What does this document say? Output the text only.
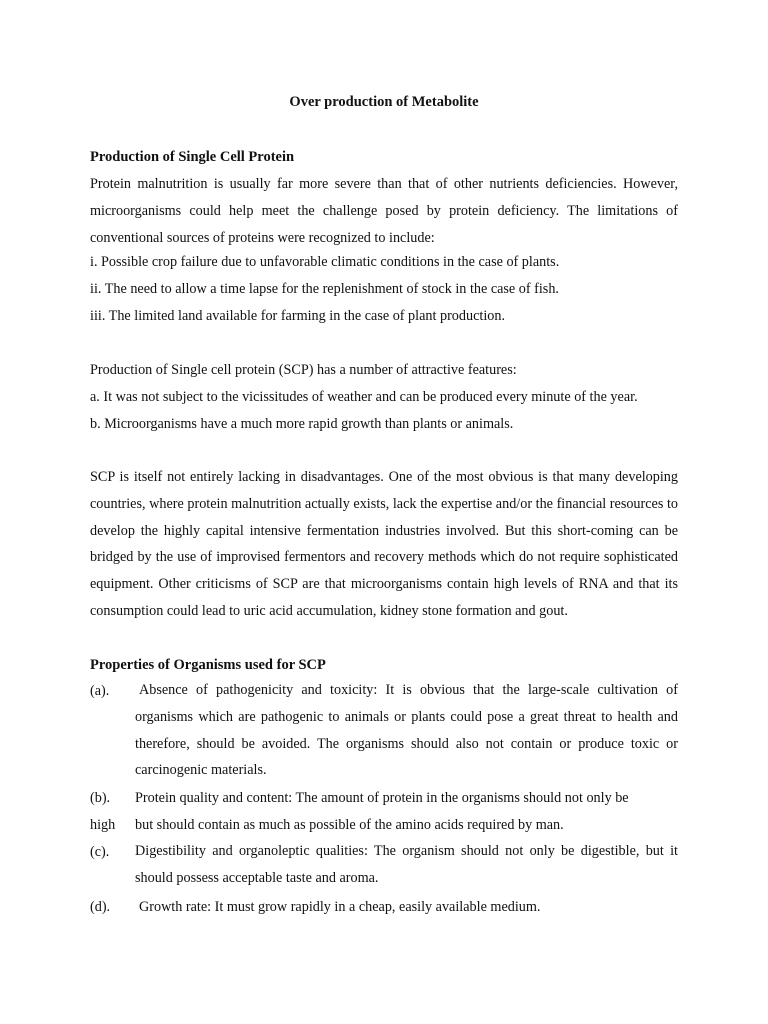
Over production of Metabolite
Production of Single Cell Protein

Protein malnutrition is usually far more severe than that of other nutrients deficiencies. However, microorganisms could help meet the challenge posed by protein deficiency. The limitations of conventional sources of proteins were recognized to include:

i. Possible crop failure due to unfavorable climatic conditions in the case of plants.
ii. The need to allow a time lapse for the replenishment of stock in the case of fish.
iii. The limited land available for farming in the case of plant production.
Production of Single cell protein (SCP) has a number of attractive features:
a. It was not subject to the vicissitudes of weather and can be produced every minute of the year.
b. Microorganisms have a much more rapid growth than plants or animals.

SCP is itself not entirely lacking in disadvantages. One of the most obvious is that many developing countries, where protein malnutrition actually exists, lack the expertise and/or the financial resources to develop the highly capital intensive fermentation industries involved. But this short-coming can be bridged by the use of improvised fermentors and recovery methods which do not require sophisticated equipment. Other criticisms of SCP are that microorganisms contain high levels of RNA and that its consumption could lead to uric acid accumulation, kidney stone formation and gout.

Properties of Organisms used for SCP
(a). Absence of pathogenicity and toxicity: It is obvious that the large-scale cultivation of organisms which are pathogenic to animals or plants could pose a great threat to health and therefore, should be avoided. The organisms should also not contain or produce toxic or carcinogenic materials.

(b). Protein quality and content: The amount of protein in the organisms should not only be
high but should contain as much as possible of the amino acids required by man.
(c). Digestibility and organoleptic qualities: The organism should not only be digestible, but it should possess acceptable taste and aroma.

(d). Growth rate: It must grow rapidly in a cheap, easily available medium.
